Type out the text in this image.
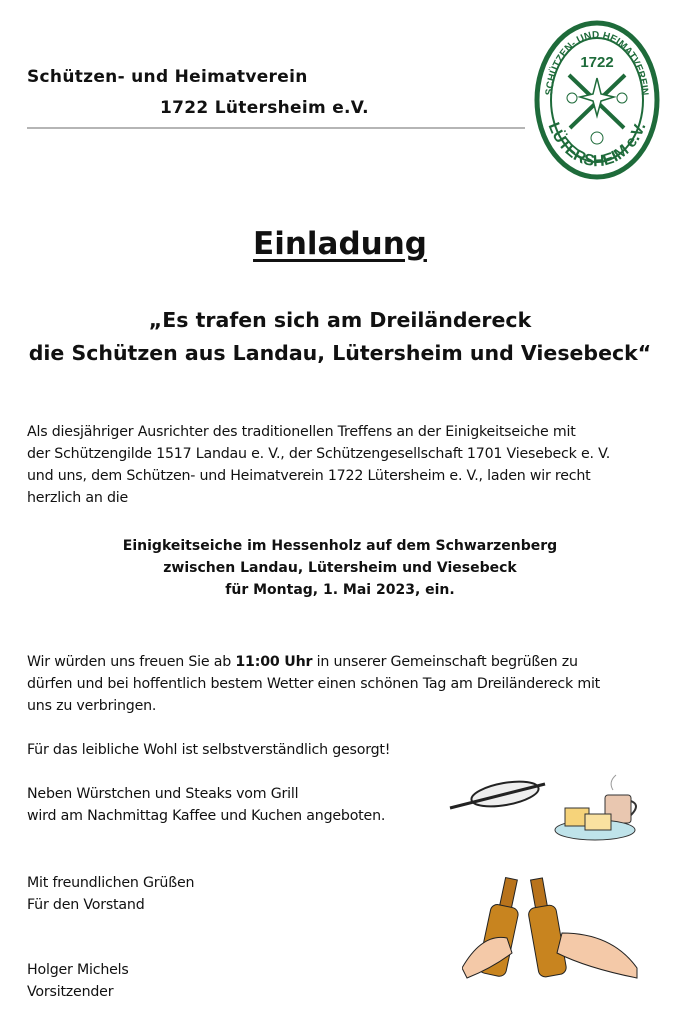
Schützen- und Heimatverein
1722 Lütersheim e.V.
SCHÜTZEN- UND HEIMATVEREIN
LÜTERSHEIM e.V.
1722
Einladung
„Es trafen sich am Dreiländereck
die Schützen aus Landau, Lütersheim und Viesebeck“
Als diesjähriger Ausrichter des traditionellen Treffens an der Einigkeitseiche mit
der Schützengilde 1517 Landau e. V., der Schützengesellschaft 1701 Viesebeck e. V.
und uns, dem Schützen- und Heimatverein 1722 Lütersheim e. V., laden wir recht
herzlich an die
Einigkeitseiche im Hessenholz auf dem Schwarzenberg
zwischen Landau, Lütersheim und Viesebeck
für Montag, 1. Mai 2023, ein.
Wir würden uns freuen Sie ab 11:00 Uhr in unserer Gemeinschaft begrüßen zu
dürfen und bei hoffentlich bestem Wetter einen schönen Tag am Dreiländereck mit
uns zu verbringen.
Für das leibliche Wohl ist selbstverständlich gesorgt!
Neben Würstchen und Steaks vom Grill
wird am Nachmittag Kaffee und Kuchen angeboten.
Mit freundlichen Grüßen
Für den Vorstand
Holger Michels
Vorsitzender
